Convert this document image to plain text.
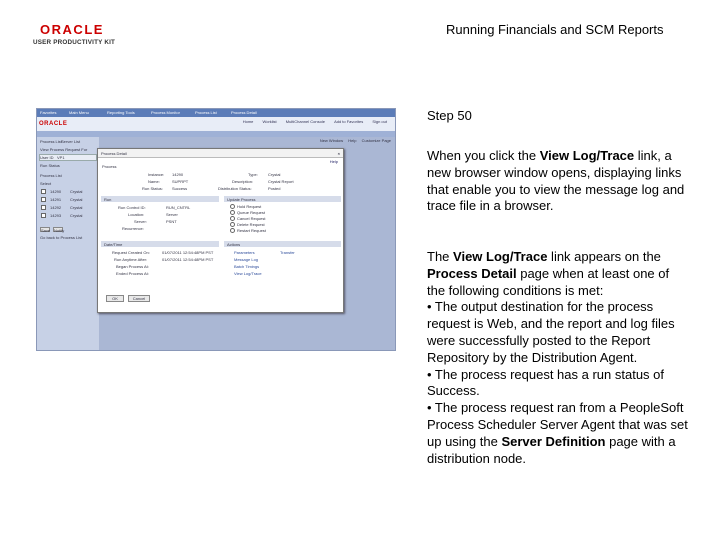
ORACLE
USER PRODUCTIVITY KIT
Running Financials and SCM Reports
Favorites	Main Menu	Reporting Tools	Process Monitor	Process List	Process Detail
ORACLE	Home Worklist MultiChannel Console Add to Favorites Sign out
New Window Help Customize Page
Process List Server List
View Process Request For
User ID VP1
Run Status
Process List
Select
14290 Crystal
14291 Crystal
14292 Crystal
14293 Crystal
Save Notify
Go back to Process List
Process Detail	×
Help
Process
Instance: 14290
Name:	SUPRPT
Run Status: Success
Type:	Crystal
Description:	Crystal Report
Distribution Status:	Posted
Run	Update Process
Run Control ID:	RUN_CNTRL
Location:	Server
Server:	PSNT
Recurrence:
Hold Request
Queue Request
Cancel Request
Delete Request
Restart Request
Date/Time	Actions
Request Created On:	01/07/2011 12:54:48PM PST
Run Anytime After:	01/07/2011 12:54:48PM PST
Began Process At:
Ended Process At:
Parameters
Message Log
Batch Timings
View Log/Trace
Transfer
OK	Cancel
Step 50
When you click the View Log/Trace link, a new browser window opens, displaying links that enable you to view the message log and trace file in a browser.
The View Log/Trace link appears on the Process Detail page when at least one of the following conditions is met:
• The output destination for the process request is Web, and the report and log files were successfully posted to the Report Repository by the Distribution Agent.
• The process request has a run status of Success.
• The process request ran from a PeopleSoft Process Scheduler Server Agent that was set up using the Server Definition page with a distribution node.
